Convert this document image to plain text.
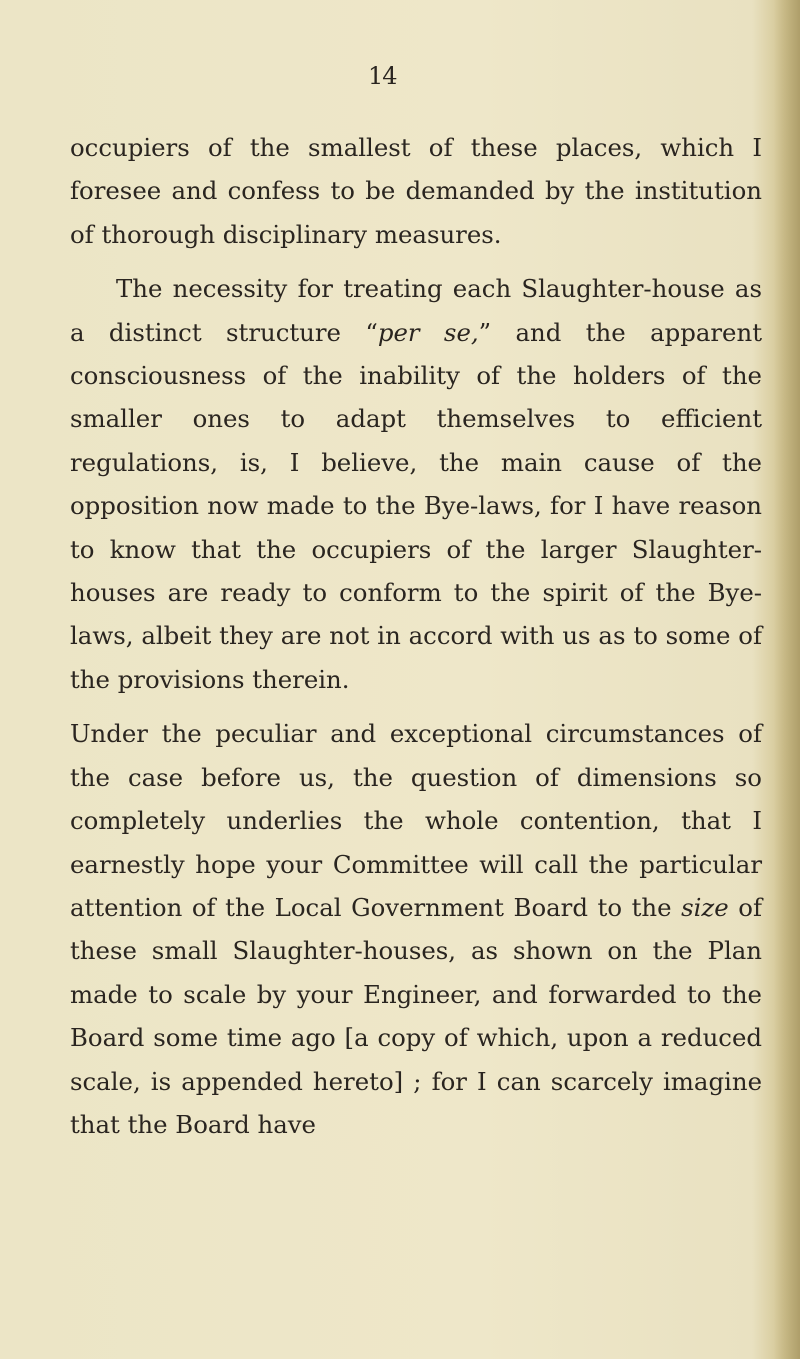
14

occupiers of the smallest of these places, which I foresee and confess to be demanded by the institution of thorough disciplinary measures.

The necessity for treating each Slaughter-house as a distinct structure “per se,” and the apparent consciousness of the inability of the holders of the smaller ones to adapt themselves to efficient regulations, is, I believe, the main cause of the opposition now made to the Bye-laws, for I have reason to know that the occupiers of the larger Slaughter-houses are ready to conform to the spirit of the Bye-laws, albeit they are not in accord with us as to some of the provisions therein.

Under the peculiar and exceptional circumstances of the case before us, the question of dimensions so completely underlies the whole contention, that I earnestly hope your Committee will call the particular attention of the Local Government Board to the size of these small Slaughter-houses, as shown on the Plan made to scale by your Engineer, and forwarded to the Board some time ago [a copy of which, upon a reduced scale, is appended hereto] ; for I can scarcely imagine that the Board have
